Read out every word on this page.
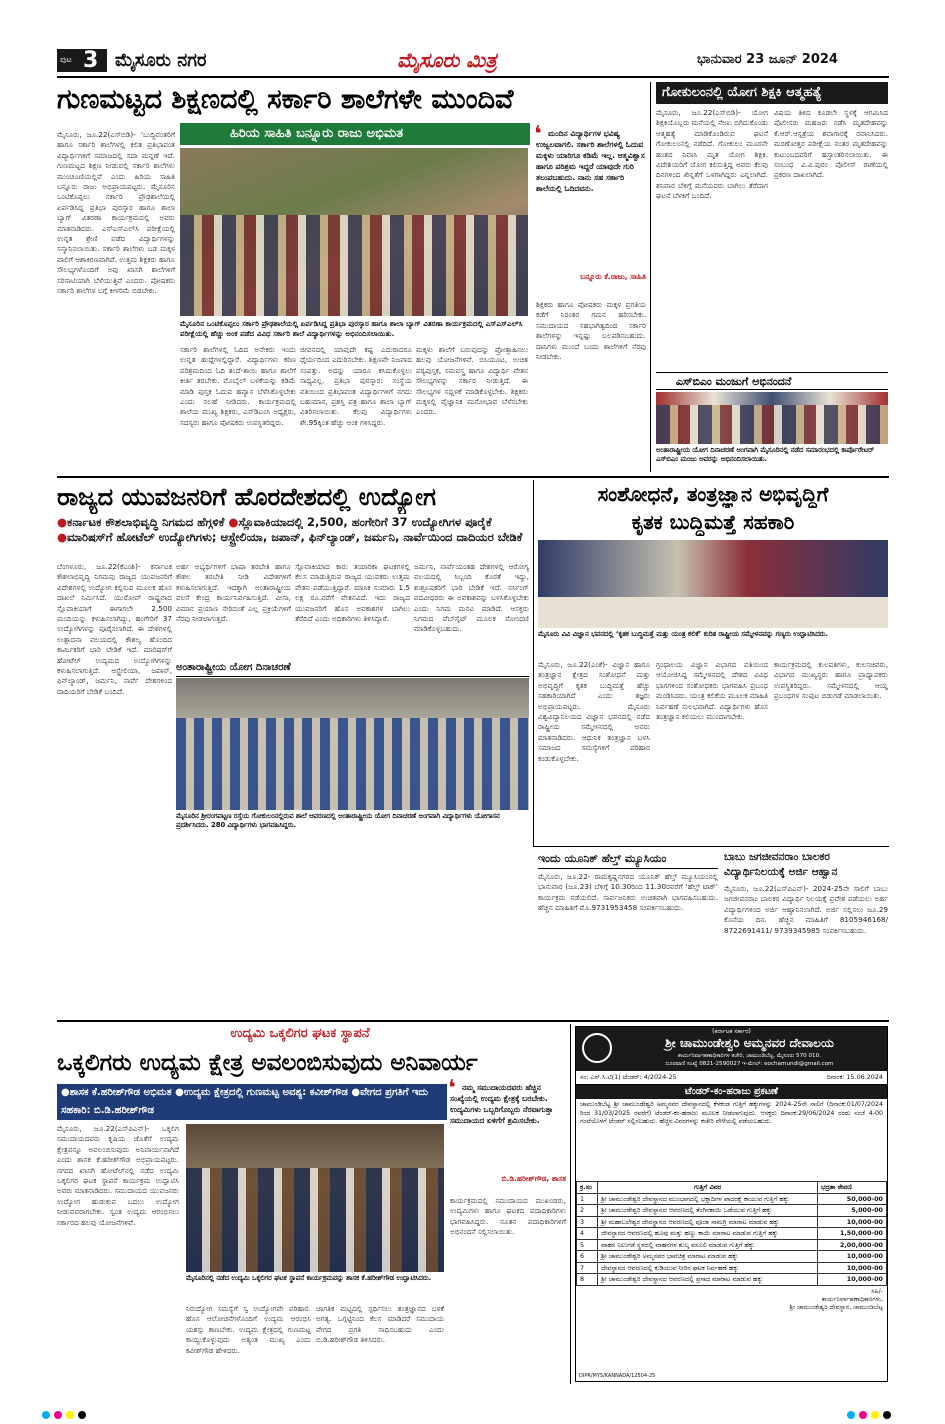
ಪುಟ 3 ಮೈಸೂರು ನಗರ	ಮೈಸೂರು ಮಿತ್ರ	ಭಾನುವಾರ 23 ಜೂನ್ 2024
ಗುಣಮಟ್ಟದ ಶಿಕ್ಷಣದಲ್ಲಿ ಸರ್ಕಾರಿ ಶಾಲೆಗಳೇ ಮುಂದಿವೆ
ಹಿರಿಯ ಸಾಹಿತಿ ಬನ್ನೂರು ರಾಜು ಅಭಿಮತ
ಮೈಸೂರು, ಜೂ.22(ಎಸ್‌ಬಿಡಿ)- ‘ಬುದ್ಧಿವಂತರಿಗೆ ಹಾಗೂ ಸರ್ಕಾರಿ ಶಾಲೆಗಳಲ್ಲಿ ಕಲಿತ ಪ್ರತಿಭಾವಂತ ವಿದ್ಯಾರ್ಥಿಗಳಿಗೆ ಸಮಾಜದಲ್ಲಿ ಸದಾ ಮನ್ನಣೆ ಇದೆ. ಗುಣಮಟ್ಟದ ಶಿಕ್ಷಣ ನೀಡುವಲ್ಲಿ ಸರ್ಕಾರಿ ಶಾಲೆಗಳು ಮುಂಚೂಣಿಯಲ್ಲಿವೆ ಎಂದು ಹಿರಿಯ ಸಾಹಿತಿ ಬನ್ನೂರು ರಾಜು ಅಭಿಪ್ರಾಯಪಟ್ಟರು. ಮೈಸೂರಿನ ಒಂಟಿಕೊಪ್ಪಲು ಸರ್ಕಾರಿ ಪ್ರೌಢಶಾಲೆಯಲ್ಲಿ ಏರ್ಪಡಿಸಿದ್ದ ಪ್ರತಿಭಾ ಪುರಸ್ಕಾರ ಹಾಗೂ ಶಾಲಾ ಬ್ಯಾಗ್ ವಿತರಣಾ ಕಾರ್ಯಕ್ರಮದಲ್ಲಿ ಅವರು ಮಾತನಾಡಿದರು. ಎಸ್‌ಎಸ್‌ಎಲ್‌ಸಿ ಪರೀಕ್ಷೆಯಲ್ಲಿ ಉನ್ನತ ಶ್ರೇಣಿ ಪಡೆದ ವಿದ್ಯಾರ್ಥಿಗಳನ್ನು ಸನ್ಮಾನಿಸಲಾಯಿತು. ಸರ್ಕಾರಿ ಶಾಲೆಗಳು ಬಡ ಮಕ್ಕಳ ಪಾಲಿಗೆ ಆಶಾಕಿರಣವಾಗಿವೆ. ಉತ್ತಮ ಶಿಕ್ಷಕರು ಹಾಗೂ ಸೌಲಭ್ಯಗಳೊಂದಿಗೆ ಅವು ಖಾಸಗಿ ಶಾಲೆಗಳಿಗೆ ಸರಿಸಾಟಿಯಾಗಿ ಬೆಳೆಯುತ್ತಿವೆ ಎಂದರು. ಪೋಷಕರು ಸರ್ಕಾರಿ ಶಾಲೆಗಳ ಬಗ್ಗೆ ಕೀಳರಿಮೆ ಬಿಡಬೇಕು.
❛ ಮಂದಿನ ವಿದ್ಯಾರ್ಥಿಗಳ ಭವಿಷ್ಯ ಉಜ್ವಲವಾಗಲಿ. ಸರ್ಕಾರಿ ಶಾಲೆಗಳಲ್ಲಿ ಓದುವ ಮಕ್ಕಳು ಯಾರಿಗೂ ಕಡಿಮೆ ಇಲ್ಲ. ಆತ್ಮವಿಶ್ವಾಸ ಹಾಗೂ ಪರಿಶ್ರಮ ಇದ್ದರೆ ಯಾವುದೇ ಗುರಿ ತಲುಪಬಹುದು. ನಾನು ಸಹ ಸರ್ಕಾರಿ ಶಾಲೆಯಲ್ಲಿ ಓದಿದವನು.
ಬನ್ನೂರು ಕೆ.ರಾಜು, ಸಾಹಿತಿ
ಮೈಸೂರಿನ ಒಂಟಿಕೊಪ್ಪಲು ಸರ್ಕಾರಿ ಪ್ರೌಢಶಾಲೆಯಲ್ಲಿ ಏರ್ಪಡಿಸಿದ್ದ ಪ್ರತಿಭಾ ಪುರಸ್ಕಾರ ಹಾಗೂ ಶಾಲಾ ಬ್ಯಾಗ್ ವಿತರಣಾ ಕಾರ್ಯಕ್ರಮದಲ್ಲಿ ಎಸ್‌ಎಸ್‌ಎಲ್‌ಸಿ ಪರೀಕ್ಷೆಯಲ್ಲಿ ಹೆಚ್ಚು ಅಂಕ ಪಡೆದ ವಿವಿಧ ಸರ್ಕಾರಿ ಶಾಲೆ ವಿದ್ಯಾರ್ಥಿಗಳನ್ನು ಅಭಿನಂದಿಸಲಾಯಿತು.
ಸರ್ಕಾರಿ ಶಾಲೆಗಳಲ್ಲಿ ಓದಿದ ಅನೇಕರು ಇಂದು ಉನ್ನತ ಹುದ್ದೆಗಳಲ್ಲಿದ್ದಾರೆ. ವಿದ್ಯಾರ್ಥಿಗಳು ಕಠಿಣ ಪರಿಶ್ರಮದಿಂದ ಓದಿ ತಂದೆ-ತಾಯಿ ಹಾಗೂ ಶಾಲೆಗೆ ಕೀರ್ತಿ ತರಬೇಕು. ಮೊಬೈಲ್ ಬಳಕೆಯನ್ನು ಕಡಿಮೆ ಮಾಡಿ ಪುಸ್ತಕ ಓದುವ ಹವ್ಯಾಸ ಬೆಳೆಸಿಕೊಳ್ಳಬೇಕು ಎಂದು ಸಲಹೆ ನೀಡಿದರು. ಕಾರ್ಯಕ್ರಮದಲ್ಲಿ ಶಾಲೆಯ ಮುಖ್ಯ ಶಿಕ್ಷಕರು, ಎಸ್‌ಡಿಎಂಸಿ ಅಧ್ಯಕ್ಷರು, ಸದಸ್ಯರು ಹಾಗೂ ಪೋಷಕರು ಉಪಸ್ಥಿತರಿದ್ದರು.
ಜೀವನದಲ್ಲಿ ಯಾವುದೇ ಕಷ್ಟ ಎದುರಾದರೂ ಧೈರ್ಯದಿಂದ ಎದುರಿಸಬೇಕು. ಶಿಕ್ಷಣವೇ ನಿಜವಾದ ಸಂಪತ್ತು. ಅದನ್ನು ಯಾರೂ ಕಸಿದುಕೊಳ್ಳಲು ಸಾಧ್ಯವಿಲ್ಲ. ಪ್ರತಿಭಾ ಪುರಸ್ಕಾರ: ಸಂಸ್ಥೆಯ ವತಿಯಿಂದ ಪ್ರತಿಭಾವಂತ ವಿದ್ಯಾರ್ಥಿಗಳಿಗೆ ನಗದು ಬಹುಮಾನ, ಪ್ರಶಸ್ತಿ ಪತ್ರ ಹಾಗೂ ಶಾಲಾ ಬ್ಯಾಗ್ ವಿತರಿಸಲಾಯಿತು. ಕೆಲವು ವಿದ್ಯಾರ್ಥಿಗಳು ಶೇ.95ಕ್ಕಿಂತ ಹೆಚ್ಚು ಅಂಕ ಗಳಿಸಿದ್ದರು.
ಮಕ್ಕಳು ಶಾಲೆಗೆ ಬರುವುದನ್ನು ಪ್ರೋತ್ಸಾಹಿಸಲು ಹಲವು ಯೋಜನೆಗಳಿವೆ. ಬಿಸಿಯೂಟ, ಉಚಿತ ಪಠ್ಯಪುಸ್ತಕ, ಸಮವಸ್ತ್ರ ಹಾಗೂ ವಿದ್ಯಾರ್ಥಿ ವೇತನ ಸೌಲಭ್ಯಗಳನ್ನು ಸರ್ಕಾರ ನೀಡುತ್ತಿದೆ. ಈ ಸೌಲಭ್ಯಗಳ ಸದ್ಬಳಕೆ ಮಾಡಿಕೊಳ್ಳಬೇಕು. ಶಿಕ್ಷಕರು ಮಕ್ಕಳಲ್ಲಿ ವೈಜ್ಞಾನಿಕ ಮನೋಭಾವ ಬೆಳೆಸಬೇಕು ಎಂದರು.
ಶಿಕ್ಷಕರು ಹಾಗೂ ಪೋಷಕರು ಮಕ್ಕಳ ಪ್ರಗತಿಯ ಕಡೆಗೆ ನಿರಂತರ ಗಮನ ಹರಿಸಬೇಕು. ಸಮುದಾಯದ ಸಹಭಾಗಿತ್ವದಿಂದ ಸರ್ಕಾರಿ ಶಾಲೆಗಳನ್ನು ಇನ್ನಷ್ಟು ಬಲಪಡಿಸಬಹುದು. ದಾನಿಗಳು ಮುಂದೆ ಬಂದು ಶಾಲೆಗಳಿಗೆ ನೆರವು ನೀಡಬೇಕು.
ಗೋಕುಲಂನಲ್ಲಿ ಯೋಗ ಶಿಕ್ಷಕಿ ಆತ್ಮಹತ್ಯೆ
ಮೈಸೂರು, ಜೂ.22(ಎಸ್‌ಬಿಡಿ)- ಯೋಗ ಶಿಕ್ಷಕಿಯೊಬ್ಬರು ಮನೆಯಲ್ಲಿ ನೇಣು ಬಿಗಿದುಕೊಂಡು ಆತ್ಮಹತ್ಯೆ ಮಾಡಿಕೊಂಡಿರುವ ಘಟನೆ ಗೋಕುಲಂನಲ್ಲಿ ನಡೆದಿದೆ. ಗೋಕುಲಂ ಮೂರನೇ ಹಂತದ ನಿವಾಸಿ ಮೃತ ಯೋಗ ಶಿಕ್ಷಕಿ. ವಿದೇಶಿಯರಿಗೆ ಯೋಗ ಕಲಿಸುತ್ತಿದ್ದ ಅವರು ಕೆಲವು ದಿನಗಳಿಂದ ಖಿನ್ನತೆಗೆ ಒಳಗಾಗಿದ್ದರು ಎನ್ನಲಾಗಿದೆ. ಶನಿವಾರ ಬೆಳಿಗ್ಗೆ ಮನೆಯವರು ಬಾಗಿಲು ತೆರೆದಾಗ ಘಟನೆ ಬೆಳಕಿಗೆ ಬಂದಿದೆ.
ವಿಷಯ ತಿಳಿದ ಕೂಡಲೇ ಸ್ಥಳಕ್ಕೆ ಆಗಮಿಸಿದ ಪೊಲೀಸರು ಮಹಜರು ನಡೆಸಿ ಮೃತದೇಹವನ್ನು ಕೆ.ಆರ್.ಆಸ್ಪತ್ರೆಯ ಶವಾಗಾರಕ್ಕೆ ರವಾನಿಸಿದರು. ಮರಣೋತ್ತರ ಪರೀಕ್ಷೆಯ ನಂತರ ಮೃತದೇಹವನ್ನು ಕುಟುಂಬದವರಿಗೆ ಹಸ್ತಾಂತರಿಸಲಾಯಿತು. ಈ ಸಂಬಂಧ ವಿ.ವಿ.ಪುರಂ ಪೊಲೀಸ್ ಠಾಣೆಯಲ್ಲಿ ಪ್ರಕರಣ ದಾಖಲಾಗಿದೆ.
ಎಸ್‌ಬಿಎಂ ಮಂಜುಗೆ ಅಭಿನಂದನೆ
ಅಂತಾರಾಷ್ಟ್ರೀಯ ಯೋಗ ದಿನಾಚರಣೆ ಅಂಗವಾಗಿ ಮೈಸೂರಿನಲ್ಲಿ ನಡೆದ ಸಮಾರಂಭದಲ್ಲಿ ಕಾರ್ಪೊರೇಟರ್ ಎಸ್‌ಬಿಎಂ ಮಂಜು ಅವರನ್ನು ಅಭಿನಂದಿಸಲಾಯಿತು.
ರಾಜ್ಯದ ಯುವಜನರಿಗೆ ಹೊರದೇಶದಲ್ಲಿ ಉದ್ಯೋಗ
●ಕರ್ನಾಟಕ ಕೌಶಲಾಭಿವೃದ್ಧಿ ನಿಗಮದ ಹೆಗ್ಗಳಿಕೆ ●ಸ್ಲೊವಾಕಿಯಾದಲ್ಲಿ 2,500, ಹಂಗೇರಿಗೆ 37 ಉದ್ಯೋಗಿಗಳ ಪೂರೈಕೆ ●ಮಾರಿಷಸ್‌ಗೆ ಹೋಟೆಲ್ ಉದ್ಯೋಗಿಗಳು; ಆಸ್ಟ್ರೇಲಿಯಾ, ಜಪಾನ್, ಫಿನ್‌ಲ್ಯಾಂಡ್, ಜರ್ಮನಿ, ನಾರ್ವೆಯಿಂದ ದಾದಿಯರ ಬೇಡಿಕೆ
ಬೆಂಗಳೂರು, ಜೂ.22(ಕೆಎಂಶಿ)- ಕರ್ನಾಟಕ ಕೌಶಲಾಭಿವೃದ್ಧಿ ನಿಗಮವು ರಾಜ್ಯದ ಯುವಜನರಿಗೆ ವಿದೇಶಗಳಲ್ಲಿ ಉದ್ಯೋಗ ಕಲ್ಪಿಸುವ ಮೂಲಕ ಹೊಸ ದಾಖಲೆ ನಿರ್ಮಿಸಿದೆ. ಯುರೋಪ್ ರಾಷ್ಟ್ರವಾದ ಸ್ಲೊವಾಕಿಯಾಗೆ ಈಗಾಗಲೇ 2,500 ಮಂದಿಯನ್ನು ಕಳುಹಿಸಲಾಗಿದ್ದು, ಹಂಗೇರಿಗೆ 37 ಉದ್ಯೋಗಿಗಳನ್ನು ಪೂರೈಸಲಾಗಿದೆ. ಈ ದೇಶಗಳಲ್ಲಿ ಉತ್ಪಾದನಾ ವಲಯದಲ್ಲಿ ಕೌಶಲ್ಯ ಹೊಂದಿದ ಕಾರ್ಮಿಕರಿಗೆ ಭಾರಿ ಬೇಡಿಕೆ ಇದೆ. ಮಾರಿಷಸ್‌ಗೆ ಹೋಟೆಲ್ ಉದ್ಯಮದ ಉದ್ಯೋಗಿಗಳನ್ನು ಕಳುಹಿಸಲಾಗುತ್ತಿದೆ. ಆಸ್ಟ್ರೇಲಿಯಾ, ಜಪಾನ್, ಫಿನ್‌ಲ್ಯಾಂಡ್, ಜರ್ಮನಿ, ನಾರ್ವೆ ದೇಶಗಳಿಂದ ದಾದಿಯರಿಗೆ ಬೇಡಿಕೆ ಬಂದಿದೆ.
ಅರ್ಹ ಅಭ್ಯರ್ಥಿಗಳಿಗೆ ಭಾಷಾ ತರಬೇತಿ ಹಾಗೂ ಕೌಶಲ ತರಬೇತಿ ನೀಡಿ ವಿದೇಶಗಳಿಗೆ ಕಳುಹಿಸಲಾಗುತ್ತಿದೆ. ಇದಕ್ಕಾಗಿ ಅಂತಾರಾಷ್ಟ್ರೀಯ ವಲಸೆ ಕೇಂದ್ರ ಕಾರ್ಯನಿರ್ವಹಿಸುತ್ತಿದೆ. ವೀಸಾ, ವಿಮಾನ ಪ್ರಯಾಣ ಸೇರಿದಂತೆ ಎಲ್ಲ ಪ್ರಕ್ರಿಯೆಗಳಿಗೆ ನೆರವು ನೀಡಲಾಗುತ್ತದೆ.
ಸ್ಲೊವಾಕಿಯಾದ ಕಾರು ತಯಾರಿಕಾ ಘಟಕಗಳಲ್ಲಿ ಕೆಲಸ ಮಾಡುತ್ತಿರುವ ರಾಜ್ಯದ ಯುವಕರು ಉತ್ತಮ ವೇತನ ಪಡೆಯುತ್ತಿದ್ದಾರೆ. ಮಾಸಿಕ ಸುಮಾರು 1.5 ಲಕ್ಷ ರೂ.ವರೆಗೆ ವೇತನವಿದೆ. ಇದು ರಾಜ್ಯದ ಯುವಜನರಿಗೆ ಹೊಸ ಅವಕಾಶಗಳ ಬಾಗಿಲು ತೆರೆದಿದೆ ಎಂದು ಅಧಿಕಾರಿಗಳು ತಿಳಿಸಿದ್ದಾರೆ.
ಜರ್ಮನಿ, ನಾರ್ವೆಯಂತಹ ದೇಶಗಳಲ್ಲಿ ಆರೋಗ್ಯ ವಲಯದಲ್ಲಿ ಸಿಬ್ಬಂದಿ ಕೊರತೆ ಇದ್ದು, ಶುಶ್ರೂಷಕರಿಗೆ ಭಾರಿ ಬೇಡಿಕೆ ಇದೆ. ನರ್ಸಿಂಗ್ ಪದವೀಧರರು ಈ ಅವಕಾಶವನ್ನು ಬಳಸಿಕೊಳ್ಳಬೇಕು ಎಂದು ನಿಗಮ ಮನವಿ ಮಾಡಿದೆ. ಆಸಕ್ತರು ನಿಗಮದ ವೆಬ್‌ಸೈಟ್ ಮೂಲಕ ನೋಂದಣಿ ಮಾಡಿಕೊಳ್ಳಬಹುದು.
ಅಂತಾರಾಷ್ಟ್ರೀಯ ಯೋಗ ದಿನಾಚರಣೆ
ಮೈಸೂರಿನ ಶ್ರೀರಂಗಪಟ್ಟಣ ರಸ್ತೆಯ ಗೋಕುಲಂನಲ್ಲಿರುವ ಶಾಲೆ ಆವರಣದಲ್ಲಿ ಅಂತಾರಾಷ್ಟ್ರೀಯ ಯೋಗ ದಿನಾಚರಣೆ ಅಂಗವಾಗಿ ವಿದ್ಯಾರ್ಥಿಗಳು ಯೋಗಾಸನ ಪ್ರದರ್ಶಿಸಿದರು. 280 ವಿದ್ಯಾರ್ಥಿಗಳು ಭಾಗವಹಿಸಿದ್ದರು.
ಸಂಶೋಧನೆ, ತಂತ್ರಜ್ಞಾನ ಅಭಿವೃದ್ಧಿಗೆ
ಕೃತಕ ಬುದ್ಧಿಮತ್ತೆ ಸಹಕಾರಿ
ಮೈಸೂರು ವಿವಿ ವಿಜ್ಞಾನ ಭವನದಲ್ಲಿ ‘ಕೃತಕ ಬುದ್ಧಿಮತ್ತೆ ಮತ್ತು ಯಂತ್ರ ಕಲಿಕೆ’ ಕುರಿತ ರಾಷ್ಟ್ರೀಯ ಸಮ್ಮೇಳನವನ್ನು ಗಣ್ಯರು ಉದ್ಘಾಟಿಸಿದರು.
ಮೈಸೂರು, ಜೂ.22(ಎಂಕೆ)- ವಿಜ್ಞಾನ ಹಾಗೂ ತಂತ್ರಜ್ಞಾನ ಕ್ಷೇತ್ರದ ಸಂಶೋಧನೆ ಮತ್ತು ಅಭಿವೃದ್ಧಿಗೆ ಕೃತಕ ಬುದ್ಧಿಮತ್ತೆ ಹೆಚ್ಚು ಸಹಕಾರಿಯಾಗಿದೆ ಎಂದು ತಜ್ಞರು ಅಭಿಪ್ರಾಯಪಟ್ಟರು. ಮೈಸೂರು ವಿಶ್ವವಿದ್ಯಾನಿಲಯದ ವಿಜ್ಞಾನ ಭವನದಲ್ಲಿ ನಡೆದ ರಾಷ್ಟ್ರೀಯ ಸಮ್ಮೇಳನದಲ್ಲಿ ಅವರು ಮಾತನಾಡಿದರು. ಆಧುನಿಕ ತಂತ್ರಜ್ಞಾನ ಬಳಸಿ ಸಮಾಜದ ಸಮಸ್ಯೆಗಳಿಗೆ ಪರಿಹಾರ ಕಂಡುಕೊಳ್ಳಬೇಕು.
ಗ್ರಂಥಾಲಯ ವಿಜ್ಞಾನ ವಿಭಾಗದ ವತಿಯಿಂದ ಆಯೋಜಿಸಿದ್ದ ಸಮ್ಮೇಳನದಲ್ಲಿ ದೇಶದ ವಿವಿಧ ಭಾಗಗಳಿಂದ ಸಂಶೋಧಕರು ಭಾಗವಹಿಸಿ ಪ್ರಬಂಧ ಮಂಡಿಸಿದರು. ಯಂತ್ರ ಕಲಿಕೆಯ ಮೂಲಕ ಮಾಹಿತಿ ನಿರ್ವಹಣೆ ಸುಲಭವಾಗಿದೆ. ವಿದ್ಯಾರ್ಥಿಗಳು ಹೊಸ ತಂತ್ರಜ್ಞಾನ ಕಲಿಯಲು ಮುಂದಾಗಬೇಕು.
ಕಾರ್ಯಕ್ರಮದಲ್ಲಿ ಕುಲಪತಿಗಳು, ಕುಲಸಚಿವರು, ವಿಭಾಗದ ಮುಖ್ಯಸ್ಥರು ಹಾಗೂ ಪ್ರಾಧ್ಯಾಪಕರು ಉಪಸ್ಥಿತರಿದ್ದರು. ಸಮ್ಮೇಳನದಲ್ಲಿ ಆಯ್ದ ಪ್ರಬಂಧಗಳ ಸಂಪುಟ ಬಿಡುಗಡೆ ಮಾಡಲಾಯಿತು.
ಇಂದು ಯೂನಿಕ್ ಹೆಲ್ತ್ ಮ್ಯೂಸಿಯಂ
ಮೈಸೂರು, ಜೂ.22- ರಾಮಕೃಷ್ಣನಗರದ ಯೂನಿಕ್ ಹೆಲ್ತ್ ಮ್ಯೂಸಿಯಂನಲ್ಲಿ ಭಾನುವಾರ (ಜೂ.23) ಬೆಳಿಗ್ಗೆ 10.30ರಿಂದ 11.30ರವರೆಗೆ ‘ಹೆಲ್ತ್ ಟಾಕ್’ ಕಾರ್ಯಕ್ರಮ ನಡೆಯಲಿದೆ. ಸಾರ್ವಜನಿಕರು ಉಚಿತವಾಗಿ ಭಾಗವಹಿಸಬಹುದು. ಹೆಚ್ಚಿನ ಮಾಹಿತಿಗೆ ಮೊ.9731953458 ಸಂಪರ್ಕಿಸಬಹುದು.
ಬಾಬು ಜಗಜೀವನರಾಂ ಬಾಲಕರ
ವಿದ್ಯಾರ್ಥಿನಿಲಯಕ್ಕೆ ಅರ್ಜಿ ಆಹ್ವಾನ
ಮೈಸೂರು, ಜೂ.22(ಎಸ್‌ಪಿಎನ್)- 2024-25ನೇ ಸಾಲಿಗೆ ಬಾಬು ಜಗಜೀವನರಾಂ ಬಾಲಕರ ವಿದ್ಯಾರ್ಥಿ ನಿಲಯಕ್ಕೆ ಪ್ರವೇಶ ಪಡೆಯಲು ಅರ್ಹ ವಿದ್ಯಾರ್ಥಿಗಳಿಂದ ಅರ್ಜಿ ಆಹ್ವಾನಿಸಲಾಗಿದೆ. ಅರ್ಜಿ ಸಲ್ಲಿಸಲು ಜೂ.29 ಕೊನೆಯ ದಿನ. ಹೆಚ್ಚಿನ ಮಾಹಿತಿಗೆ 8105946168/ 8722691411/ 9739345985 ಸಂಪರ್ಕಿಸಬಹುದು.
ಉದ್ಯಮಿ ಒಕ್ಕಲಿಗರ ಘಟಕ ಸ್ಥಾಪನೆ
ಒಕ್ಕಲಿಗರು ಉದ್ಯಮ ಕ್ಷೇತ್ರ ಅವಲಂಬಿಸುವುದು ಅನಿವಾರ್ಯ
●ಶಾಸಕ ಕೆ.ಹರೀಶ್‌ಗೌಡ ಅಭಿಮತ ●ಉದ್ಯಮ ಕ್ಷೇತ್ರದಲ್ಲಿ ಗುಣಮಟ್ಟ ಅವಶ್ಯ: ಕವೀಶ್‌ಗೌಡ ●ವೇಗದ ಪ್ರಗತಿಗೆ ಇದು ಸಹಕಾರಿ: ಬಿ.ಡಿ.ಹರೀಶ್‌ಗೌಡ
❛ ನಮ್ಮ ಸಮುದಾಯದವರು ಹೆಚ್ಚಿನ ಸಂಖ್ಯೆಯಲ್ಲಿ ಉದ್ಯಮ ಕ್ಷೇತ್ರಕ್ಕೆ ಬರಬೇಕು. ಉದ್ಯಮಿಗಳು ಒಬ್ಬರಿಗೊಬ್ಬರು ನೆರವಾಗುತ್ತಾ ಸಮುದಾಯದ ಏಳಿಗೆಗೆ ಶ್ರಮಿಸಬೇಕು.
ಬಿ.ಡಿ.ಹರೀಶ್‌ಗೌಡ, ಶಾಸಕ
ಮೈಸೂರು, ಜೂ.22(ಎಸ್‌ಪಿಎನ್)- ಒಕ್ಕಲಿಗ ಸಮುದಾಯದವರು ಕೃಷಿಯ ಜೊತೆಗೆ ಉದ್ಯಮ ಕ್ಷೇತ್ರವನ್ನೂ ಅವಲಂಬಿಸುವುದು ಅನಿವಾರ್ಯವಾಗಿದೆ ಎಂದು ಶಾಸಕ ಕೆ.ಹರೀಶ್‌ಗೌಡ ಅಭಿಪ್ರಾಯಪಟ್ಟರು. ನಗರದ ಖಾಸಗಿ ಹೋಟೆಲ್‌ನಲ್ಲಿ ನಡೆದ ಉದ್ಯಮಿ ಒಕ್ಕಲಿಗರ ಘಟಕ ಸ್ಥಾಪನೆ ಕಾರ್ಯಕ್ರಮ ಉದ್ಘಾಟಿಸಿ ಅವರು ಮಾತನಾಡಿದರು. ಸಮುದಾಯದ ಯುವಜನರು ಉದ್ಯೋಗ ಹುಡುಕುವ ಬದಲು ಉದ್ಯೋಗ ನೀಡುವವರಾಗಬೇಕು. ಸ್ವಂತ ಉದ್ಯಮ ಆರಂಭಿಸಲು ಸರ್ಕಾರದ ಹಲವು ಯೋಜನೆಗಳಿವೆ.
ಮೈಸೂರಿನಲ್ಲಿ ನಡೆದ ಉದ್ಯಮಿ ಒಕ್ಕಲಿಗರ ಘಟಕ ಸ್ಥಾಪನೆ ಕಾರ್ಯಕ್ರಮವನ್ನು ಶಾಸಕ ಕೆ.ಹರೀಶ್‌ಗೌಡ ಉದ್ಘಾಟಿಸಿದರು.
ನಿರುದ್ಯೋಗ ಸಮಸ್ಯೆಗೆ ಸ್ವ ಉದ್ಯೋಗವೇ ಪರಿಹಾರ. ಹೊಸ ಆಲೋಚನೆಗಳೊಂದಿಗೆ ಉದ್ಯಮ ಆರಂಭಿಸಿ ಯಶಸ್ಸು ಕಾಣಬೇಕು. ಉದ್ಯಮ ಕ್ಷೇತ್ರದಲ್ಲಿ ಗುಣಮಟ್ಟ ಕಾಯ್ದುಕೊಳ್ಳುವುದು ಅತ್ಯಂತ ಮುಖ್ಯ ಎಂದು ಕವೀಶ್‌ಗೌಡ ಹೇಳಿದರು.
ಜಾಗತಿಕ ಮಟ್ಟದಲ್ಲಿ ಸ್ಪರ್ಧಿಸಲು ತಂತ್ರಜ್ಞಾನದ ಬಳಕೆ ಅಗತ್ಯ. ಒಗ್ಗಟ್ಟಿನಿಂದ ಕೆಲಸ ಮಾಡಿದರೆ ಸಮುದಾಯ ವೇಗದ ಪ್ರಗತಿ ಸಾಧಿಸಬಹುದು ಎಂದು ಬಿ.ಡಿ.ಹರೀಶ್‌ಗೌಡ ತಿಳಿಸಿದರು.
ಕಾರ್ಯಕ್ರಮದಲ್ಲಿ ಸಮುದಾಯದ ಮುಖಂಡರು, ಉದ್ಯಮಿಗಳು ಹಾಗೂ ಘಟಕದ ಪದಾಧಿಕಾರಿಗಳು ಭಾಗವಹಿಸಿದ್ದರು. ನೂತನ ಪದಾಧಿಕಾರಿಗಳಿಗೆ ಅಭಿನಂದನೆ ಸಲ್ಲಿಸಲಾಯಿತು.
(ಕರ್ನಾಟಕ ಸರ್ಕಾರ)
ಶ್ರೀ ಚಾಮುಂಡೇಶ್ವರಿ ಅಮ್ಮನವರ ದೇವಾಲಯ
ಕಾರ್ಯನಿರ್ವಾಹಣಾಧಿಕಾರಿಗಳ ಕಚೇರಿ, ಚಾಮುಂಡಿಬೆಟ್ಟ, ಮೈಸೂರು 570 010.
ದೂರವಾಣಿ ಸಂಖ್ಯೆ 0821-2590027 ಇ-ಮೇಲ್: eochamundi@gmail.com
ಸಂ: ಎಸ್.ಸಿ.ಟಿ(1) ಟೆಂಡರ್: 4/2024-25	ದಿನಾಂಕ: 15.06.2024
ಟೆಂಡರ್-ಕಂ-ಹರಾಜು ಪ್ರಕಟಣೆ
ಚಾಮುಂಡಿಬೆಟ್ಟ ಶ್ರೀ ಚಾಮುಂಡೇಶ್ವರಿ ಅಮ್ಮನವರ ದೇವಸ್ಥಾನದಲ್ಲಿ ಕೆಳಕಂಡ ಗುತ್ತಿಗೆ ಹಕ್ಕುಗಳನ್ನು 2024-25ನೇ ಸಾಲಿಗೆ (ದಿನಾಂಕ:01/07/2024 ರಿಂದ 31/03/2025 ರವರೆಗೆ) ಟೆಂಡರ್-ಕಂ-ಹರಾಜು ಮೂಲಕ ನೀಡಲಾಗುವುದು. ಆಸಕ್ತರು ದಿನಾಂಕ:29/06/2024 ರಂದು ಸಂಜೆ 4-00 ಗಂಟೆಯೊಳಗೆ ಟೆಂಡರ್ ಸಲ್ಲಿಸಬಹುದು. ಹೆಚ್ಚಿನ ವಿವರಗಳನ್ನು ಕಚೇರಿ ವೇಳೆಯಲ್ಲಿ ಪಡೆಯಬಹುದು.
ಕ್ರ.ಸಂ	ಗುತ್ತಿಗೆ ವಿವರ	ಭದ್ರತಾ ಠೇವಣಿ
1	ಶ್ರೀ ಚಾಮುಂಡೇಶ್ವರಿ ದೇವಸ್ಥಾನದ ಮುಂಭಾಗದಲ್ಲಿ ಭಕ್ತಾದಿಗಳ ಪಾದರಕ್ಷೆ ಕಾಯುವ ಗುತ್ತಿಗೆ ಹಕ್ಕು	50,000-00
2	ಶ್ರೀ ಚಾಮುಂಡೇಶ್ವರಿ ದೇವಸ್ಥಾನದ ಆವರಣದಲ್ಲಿ ತೆಂಗಿನಕಾಯಿ ಒಡೆಯುವ ಗುತ್ತಿಗೆ ಹಕ್ಕು	5,000-00
3	ಶ್ರೀ ಮಹಾಬಲೇಶ್ವರ ದೇವಸ್ಥಾನದ ಆವರಣದಲ್ಲಿ ಪೂಜಾ ಸಾಮಗ್ರಿ ಮಾರಾಟ ಮಾಡುವ ಹಕ್ಕು	10,000-00
4	ದೇವಸ್ಥಾನದ ಆವರಣದಲ್ಲಿ ಹೂವು ಮತ್ತು ಹಣ್ಣು ಕಾಯಿ ಮಾರಾಟ ಮಾಡುವ ಗುತ್ತಿಗೆ ಹಕ್ಕು	1,50,000-00
5	ವಾಹನ ನಿಲುಗಡೆ ಸ್ಥಳದಲ್ಲಿ ವಾಹನಗಳ ಶುಲ್ಕ ವಸೂಲಿ ಮಾಡುವ ಗುತ್ತಿಗೆ ಹಕ್ಕು	2,00,000-00
6	ಶ್ರೀ ಚಾಮುಂಡೇಶ್ವರಿ ಅಮ್ಮನವರ ಭಾವಚಿತ್ರ ಮಾರಾಟ ಮಾಡುವ ಹಕ್ಕು	10,000-00
7	ದೇವಸ್ಥಾನದ ಆವರಣದಲ್ಲಿ ಕುಡಿಯುವ ನೀರಿನ ಘಟಕ ನಿರ್ವಹಣೆ ಹಕ್ಕು	10,000-00
8	ಶ್ರೀ ಚಾಮುಂಡೇಶ್ವರಿ ದೇವಸ್ಥಾನದ ಆವರಣದಲ್ಲಿ ಪ್ರಸಾದ ಮಾರಾಟ ಮಾಡುವ ಹಕ್ಕು	10,000-00
ಸಹಿ/-
ಕಾರ್ಯನಿರ್ವಾಹಣಾಧಿಕಾರಿಗಳು,
ಶ್ರೀ ಚಾಮುಂಡೇಶ್ವರಿ ದೇವಸ್ಥಾನ, ಚಾಮುಂಡಿಬೆಟ್ಟ
DIPR/MYS/KANNADA/12504-25
